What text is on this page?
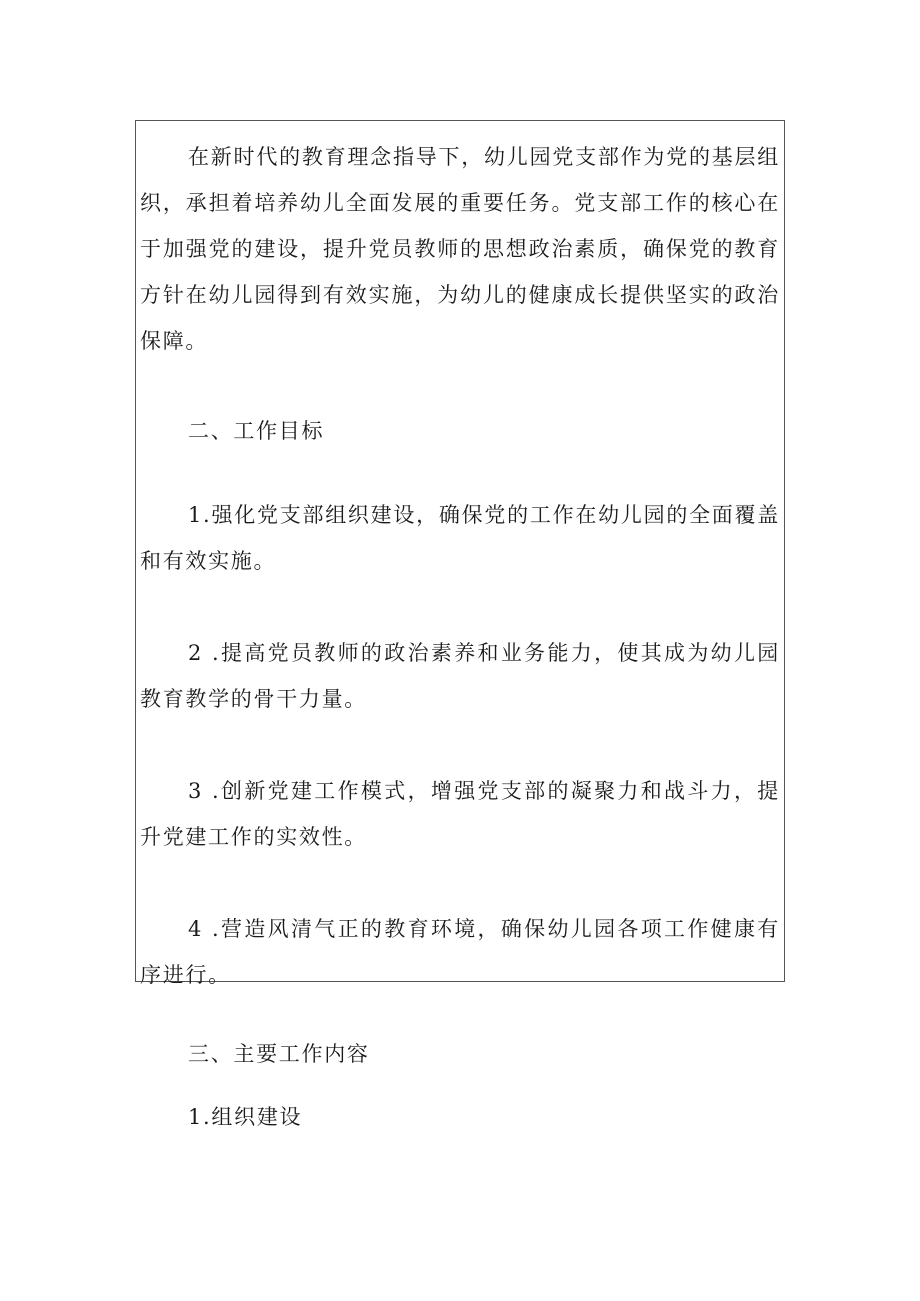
在新时代的教育理念指导下，幼儿园党支部作为党的基层组织，承担着培养幼儿全面发展的重要任务。党支部工作的核心在于加强党的建设，提升党员教师的思想政治素质，确保党的教育方针在幼儿园得到有效实施，为幼儿的健康成长提供坚实的政治保障。

二、工作目标

1.强化党支部组织建设，确保党的工作在幼儿园的全面覆盖和有效实施。

2 .提高党员教师的政治素养和业务能力，使其成为幼儿园教育教学的骨干力量。

3 .创新党建工作模式，增强党支部的凝聚力和战斗力，提升党建工作的实效性。

4 .营造风清气正的教育环境，确保幼儿园各项工作健康有序进行。

三、主要工作内容

1.组织建设
